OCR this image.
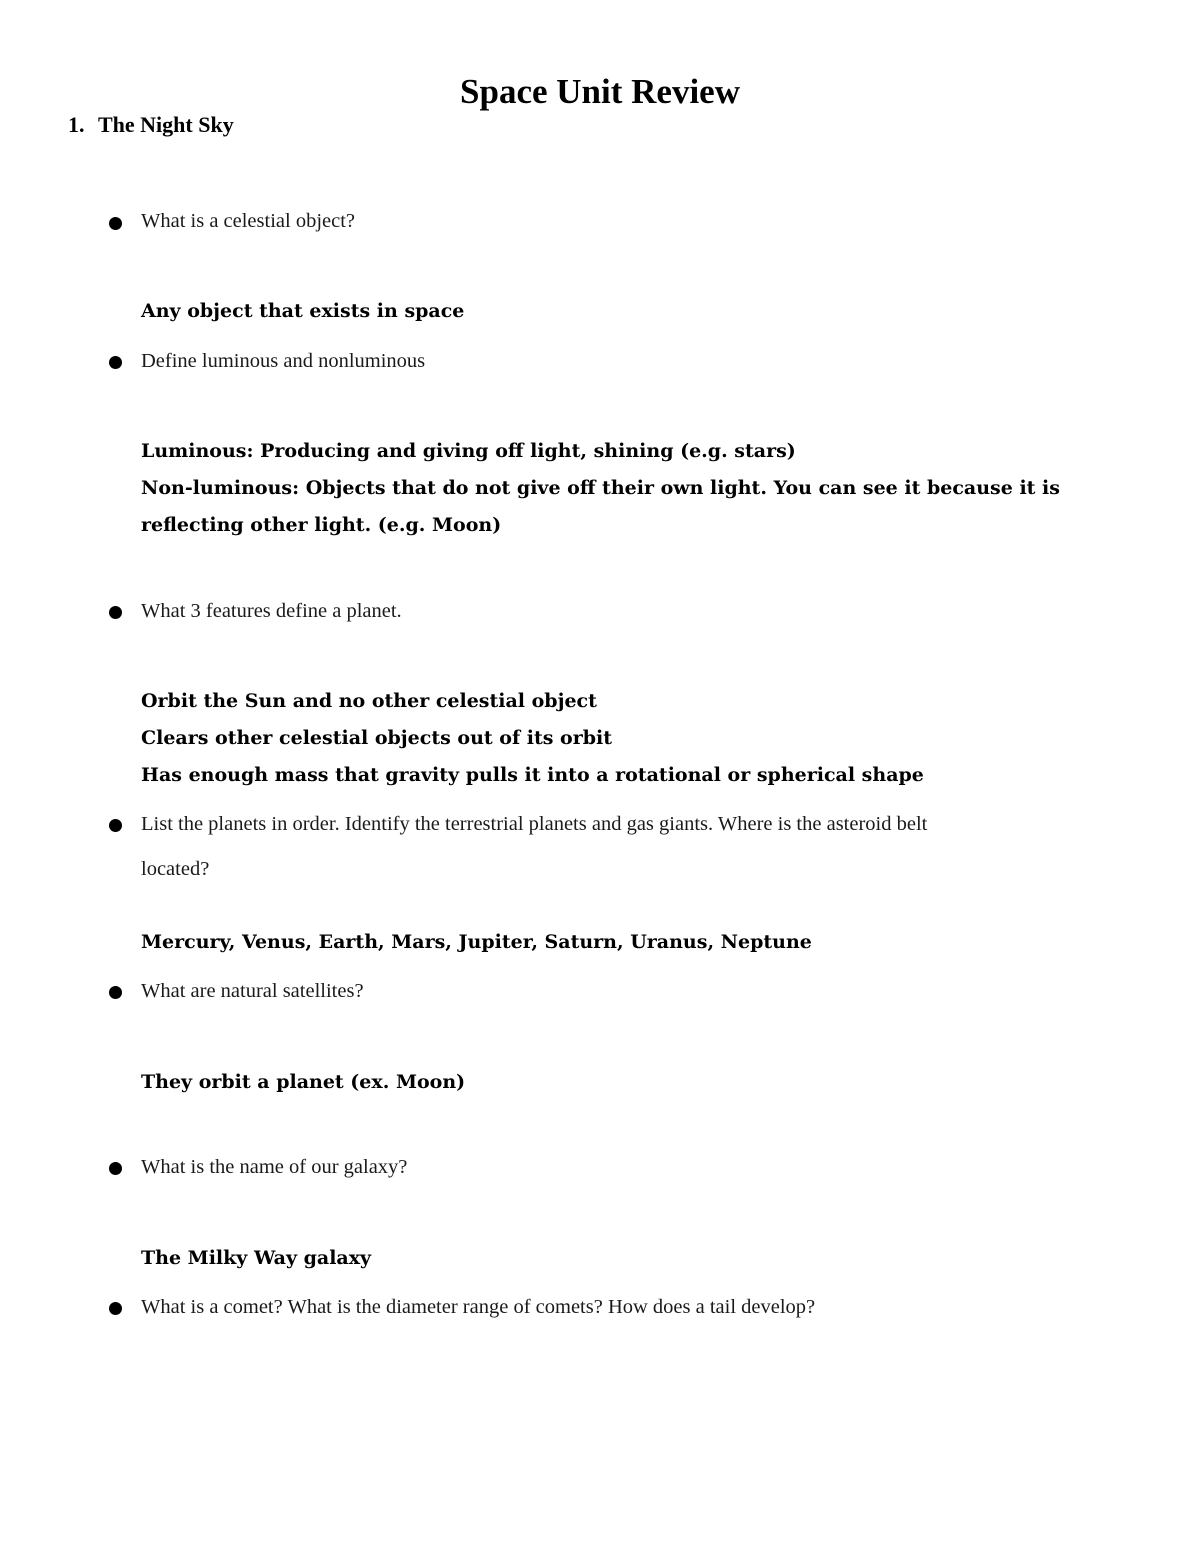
Space Unit Review
1. The Night Sky
What is a celestial object?
Any object that exists in space
Define luminous and nonluminous
Luminous: Producing and giving off light, shining (e.g. stars)
Non-luminous: Objects that do not give off their own light. You can see it because it is
reflecting other light. (e.g. Moon)
What 3 features define a planet.
Orbit the Sun and no other celestial object
Clears other celestial objects out of its orbit
Has enough mass that gravity pulls it into a rotational or spherical shape
List the planets in order. Identify the terrestrial planets and gas giants. Where is the asteroid belt
located?
Mercury, Venus, Earth, Mars, Jupiter, Saturn, Uranus, Neptune
What are natural satellites?
They orbit a planet (ex. Moon)
What is the name of our galaxy?
The Milky Way galaxy
What is a comet? What is the diameter range of comets? How does a tail develop?
